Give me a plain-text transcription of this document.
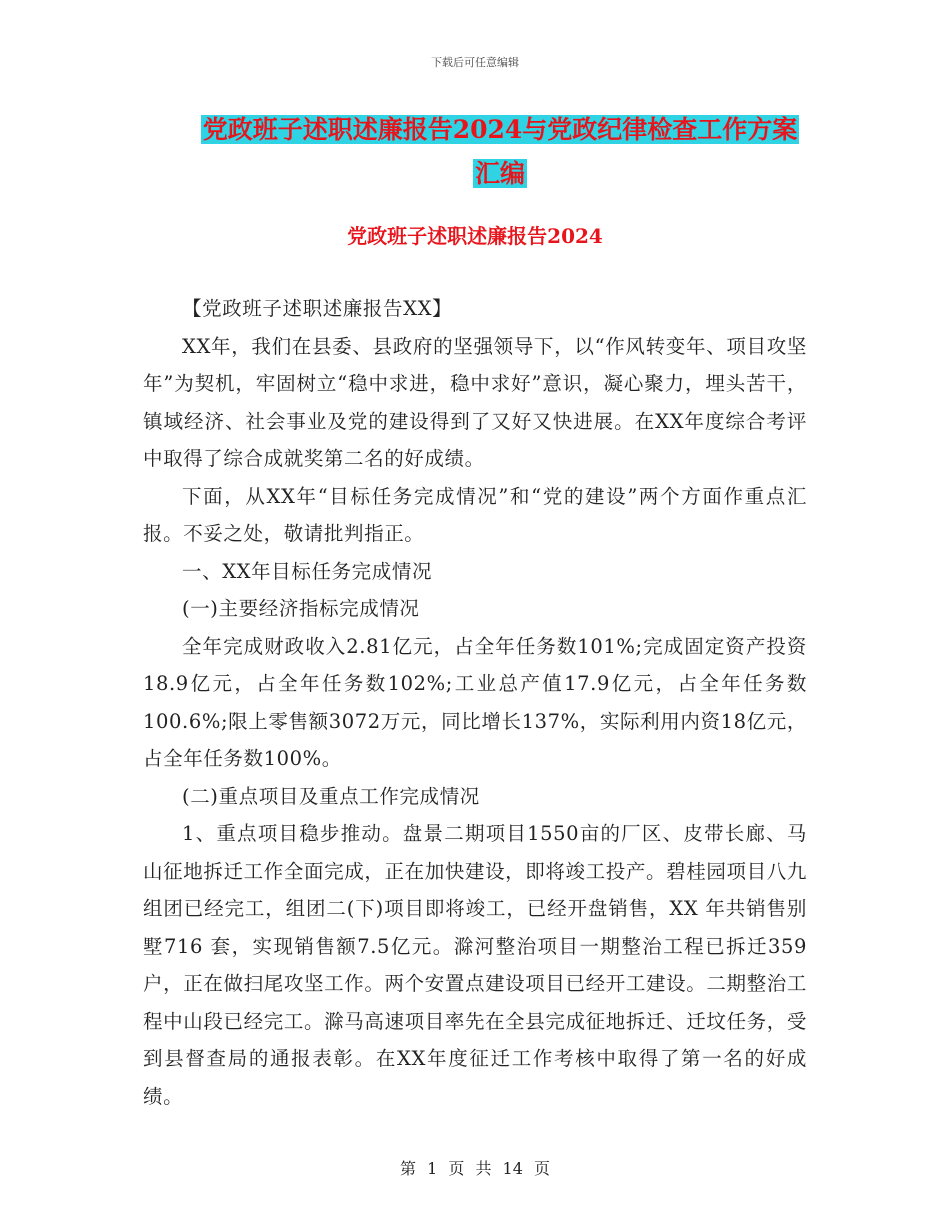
下载后可任意编辑
党政班子述职述廉报告2024与党政纪律检查工作方案
汇编
党政班子述职述廉报告2024

【党政班子述职述廉报告XX】

XX年，我们在县委、县政府的坚强领导下，以“作风转变年、项目攻坚年”为契机，牢固树立“稳中求进，稳中求好”意识，凝心聚力，埋头苦干，镇域经济、社会事业及党的建设得到了又好又快进展。在XX年度综合考评中取得了综合成就奖第二名的好成绩。

下面，从XX年“目标任务完成情况”和“党的建设”两个方面作重点汇报。不妥之处，敬请批判指正。

一、XX年目标任务完成情况

(一)主要经济指标完成情况

全年完成财政收入2.81亿元，占全年任务数101%;完成固定资产投资18.9亿元，占全年任务数102%;工业总产值17.9亿元，占全年任务数100.6%;限上零售额3072万元，同比增长137%，实际利用内资18亿元，占全年任务数100%。

(二)重点项目及重点工作完成情况

1、重点项目稳步推动。盘景二期项目1550亩的厂区、皮带长廊、马山征地拆迁工作全面完成，正在加快建设，即将竣工投产。碧桂园项目八九组团已经完工，组团二(下)项目即将竣工，已经开盘销售，XX 年共销售别墅716 套，实现销售额7.5亿元。滁河整治项目一期整治工程已拆迁359户，正在做扫尾攻坚工作。两个安置点建设项目已经开工建设。二期整治工程中山段已经完工。滁马高速项目率先在全县完成征地拆迁、迁坟任务，受到县督查局的通报表彰。在XX年度征迁工作考核中取得了第一名的好成绩。

第 1 页 共 14 页
